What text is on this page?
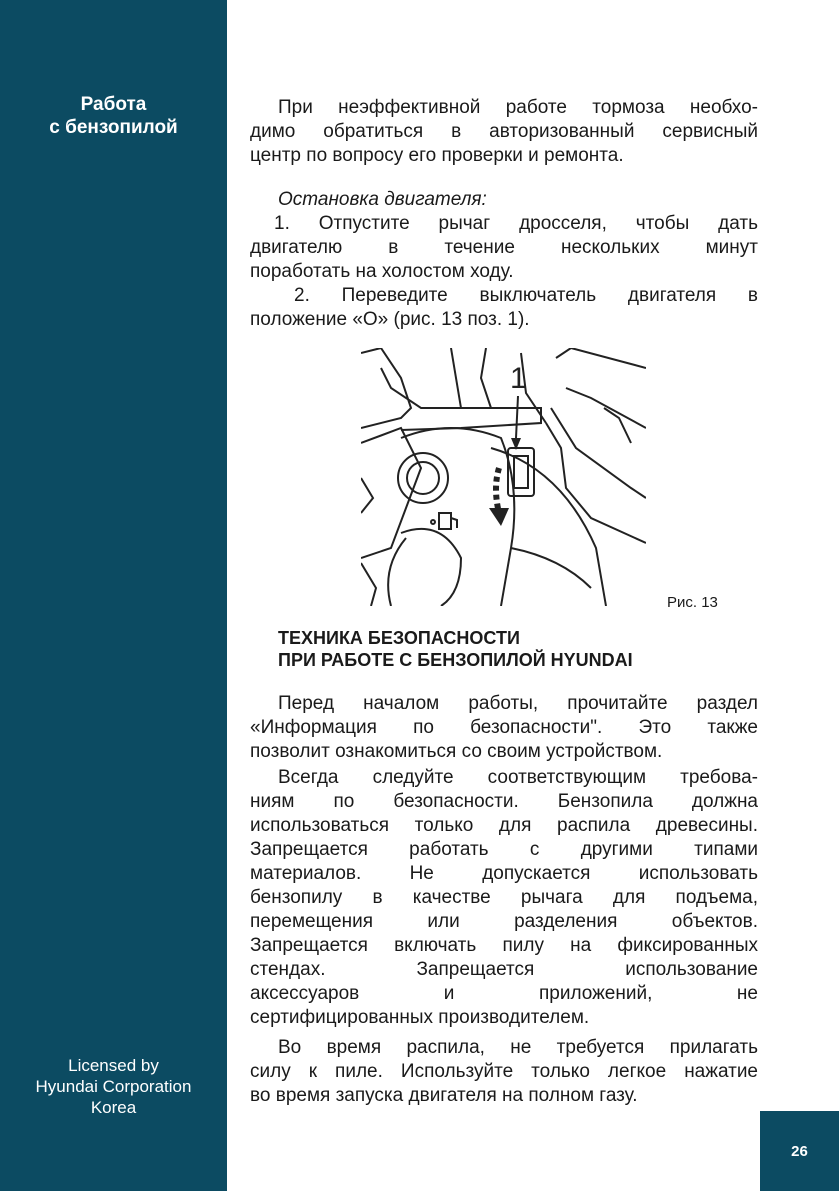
Работа
с бензопилой
Licensed by
Hyundai Corporation
Korea
При неэффективной работе тормоза необхо-
димо обратиться в авторизованный сервисный
центр по вопросу его проверки и ремонта.
Остановка двигателя:
1. Отпустите рычаг дросселя, чтобы дать
двигателю в течение нескольких минут
поработать на холостом ходу.
2. Переведите выключатель двигателя в
положение «О» (рис. 13 поз. 1).
1
Рис. 13
ТЕХНИКА БЕЗОПАСНОСТИ
ПРИ РАБОТЕ С БЕНЗОПИЛОЙ HYUNDAI
Перед началом работы, прочитайте раздел
«Информация по безопасности". Это также
позволит ознакомиться со своим устройством.
Всегда следуйте соответствующим требова-
ниям по безопасности. Бензопила должна
использоваться только для распила древесины.
Запрещается работать с другими типами
материалов. Не допускается использовать
бензопилу в качестве рычага для подъема,
перемещения или разделения объектов.
Запрещается включать пилу на фиксированных
стендах. Запрещается использование
аксессуаров и приложений, не
сертифицированных производителем.
Во время распила, не требуется прилагать
силу к пиле. Используйте только легкое нажатие
во время запуска двигателя на полном газу.
26
